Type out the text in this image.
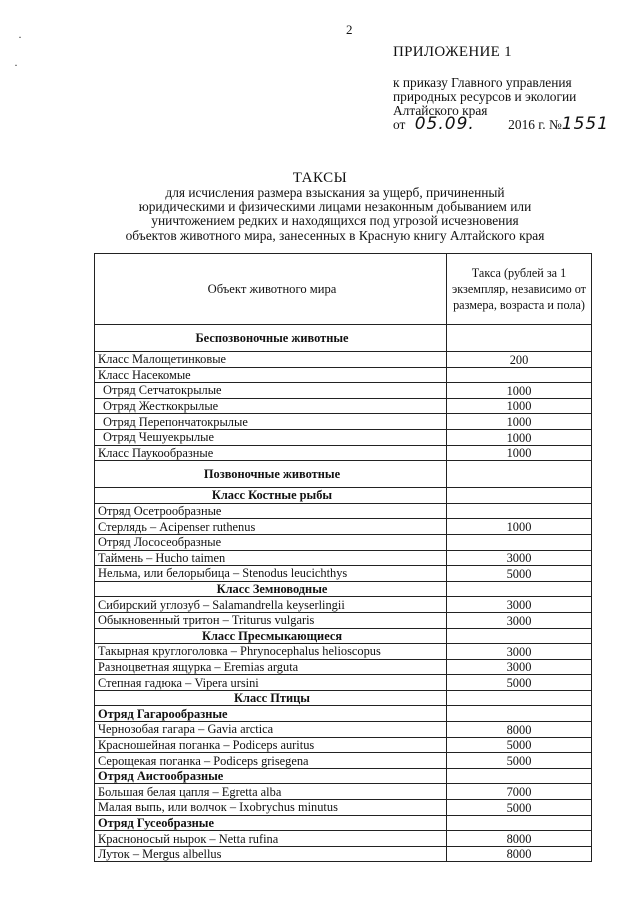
2
·
·
ПРИЛОЖЕНИЕ 1
к приказу Главного управления
природных ресурсов и экологии
Алтайского края
от 05.09. 2016 г. №1551
ТАКСЫ
для исчисления размера взыскания за ущерб, причиненный
юридическими и физическими лицами незаконным добыванием или
уничтожением редких и находящихся под угрозой исчезновения
объектов животного мира, занесенных в Красную книгу Алтайского края
Объект животного мира	Такса (рублей за 1 экземпляр, независимо от размера, возраста и пола)
Беспозвоночные животные	
Класс Малощетинковые	200
Класс Насекомые	
Отряд Сетчатокрылые	1000
Отряд Жесткокрылые	1000
Отряд Перепончатокрылые	1000
Отряд Чешуекрылые	1000
Класс Паукообразные	1000
Позвоночные животные	
Класс Костные рыбы	
Отряд Осетрообразные	
Стерлядь – Acipenser ruthenus	1000
Отряд Лососеобразные	
Таймень – Hucho taimen	3000
Нельма, или белорыбица – Stenodus leucichthys	5000
Класс Земноводные	
Сибирский углозуб – Salamandrella keyserlingii	3000
Обыкновенный тритон – Triturus vulgaris	3000
Класс Пресмыкающиеся	
Такырная круглоголовка – Phrynocephalus helioscopus	3000
Разноцветная ящурка – Eremias arguta	3000
Степная гадюка – Vipera ursini	5000
Класс Птицы	
Отряд Гагарообразные	
Чернозобая гагара – Gavia arctica	8000
Красношейная поганка – Podiceps auritus	5000
Серощекая поганка – Podiceps grisegena	5000
Отряд Аистообразные	
Большая белая цапля – Egretta alba	7000
Малая выпь, или волчок – Ixobrychus minutus	5000
Отряд Гусеобразные	
Красноносый нырок – Netta rufina	8000
Луток – Mergus albellus	8000
